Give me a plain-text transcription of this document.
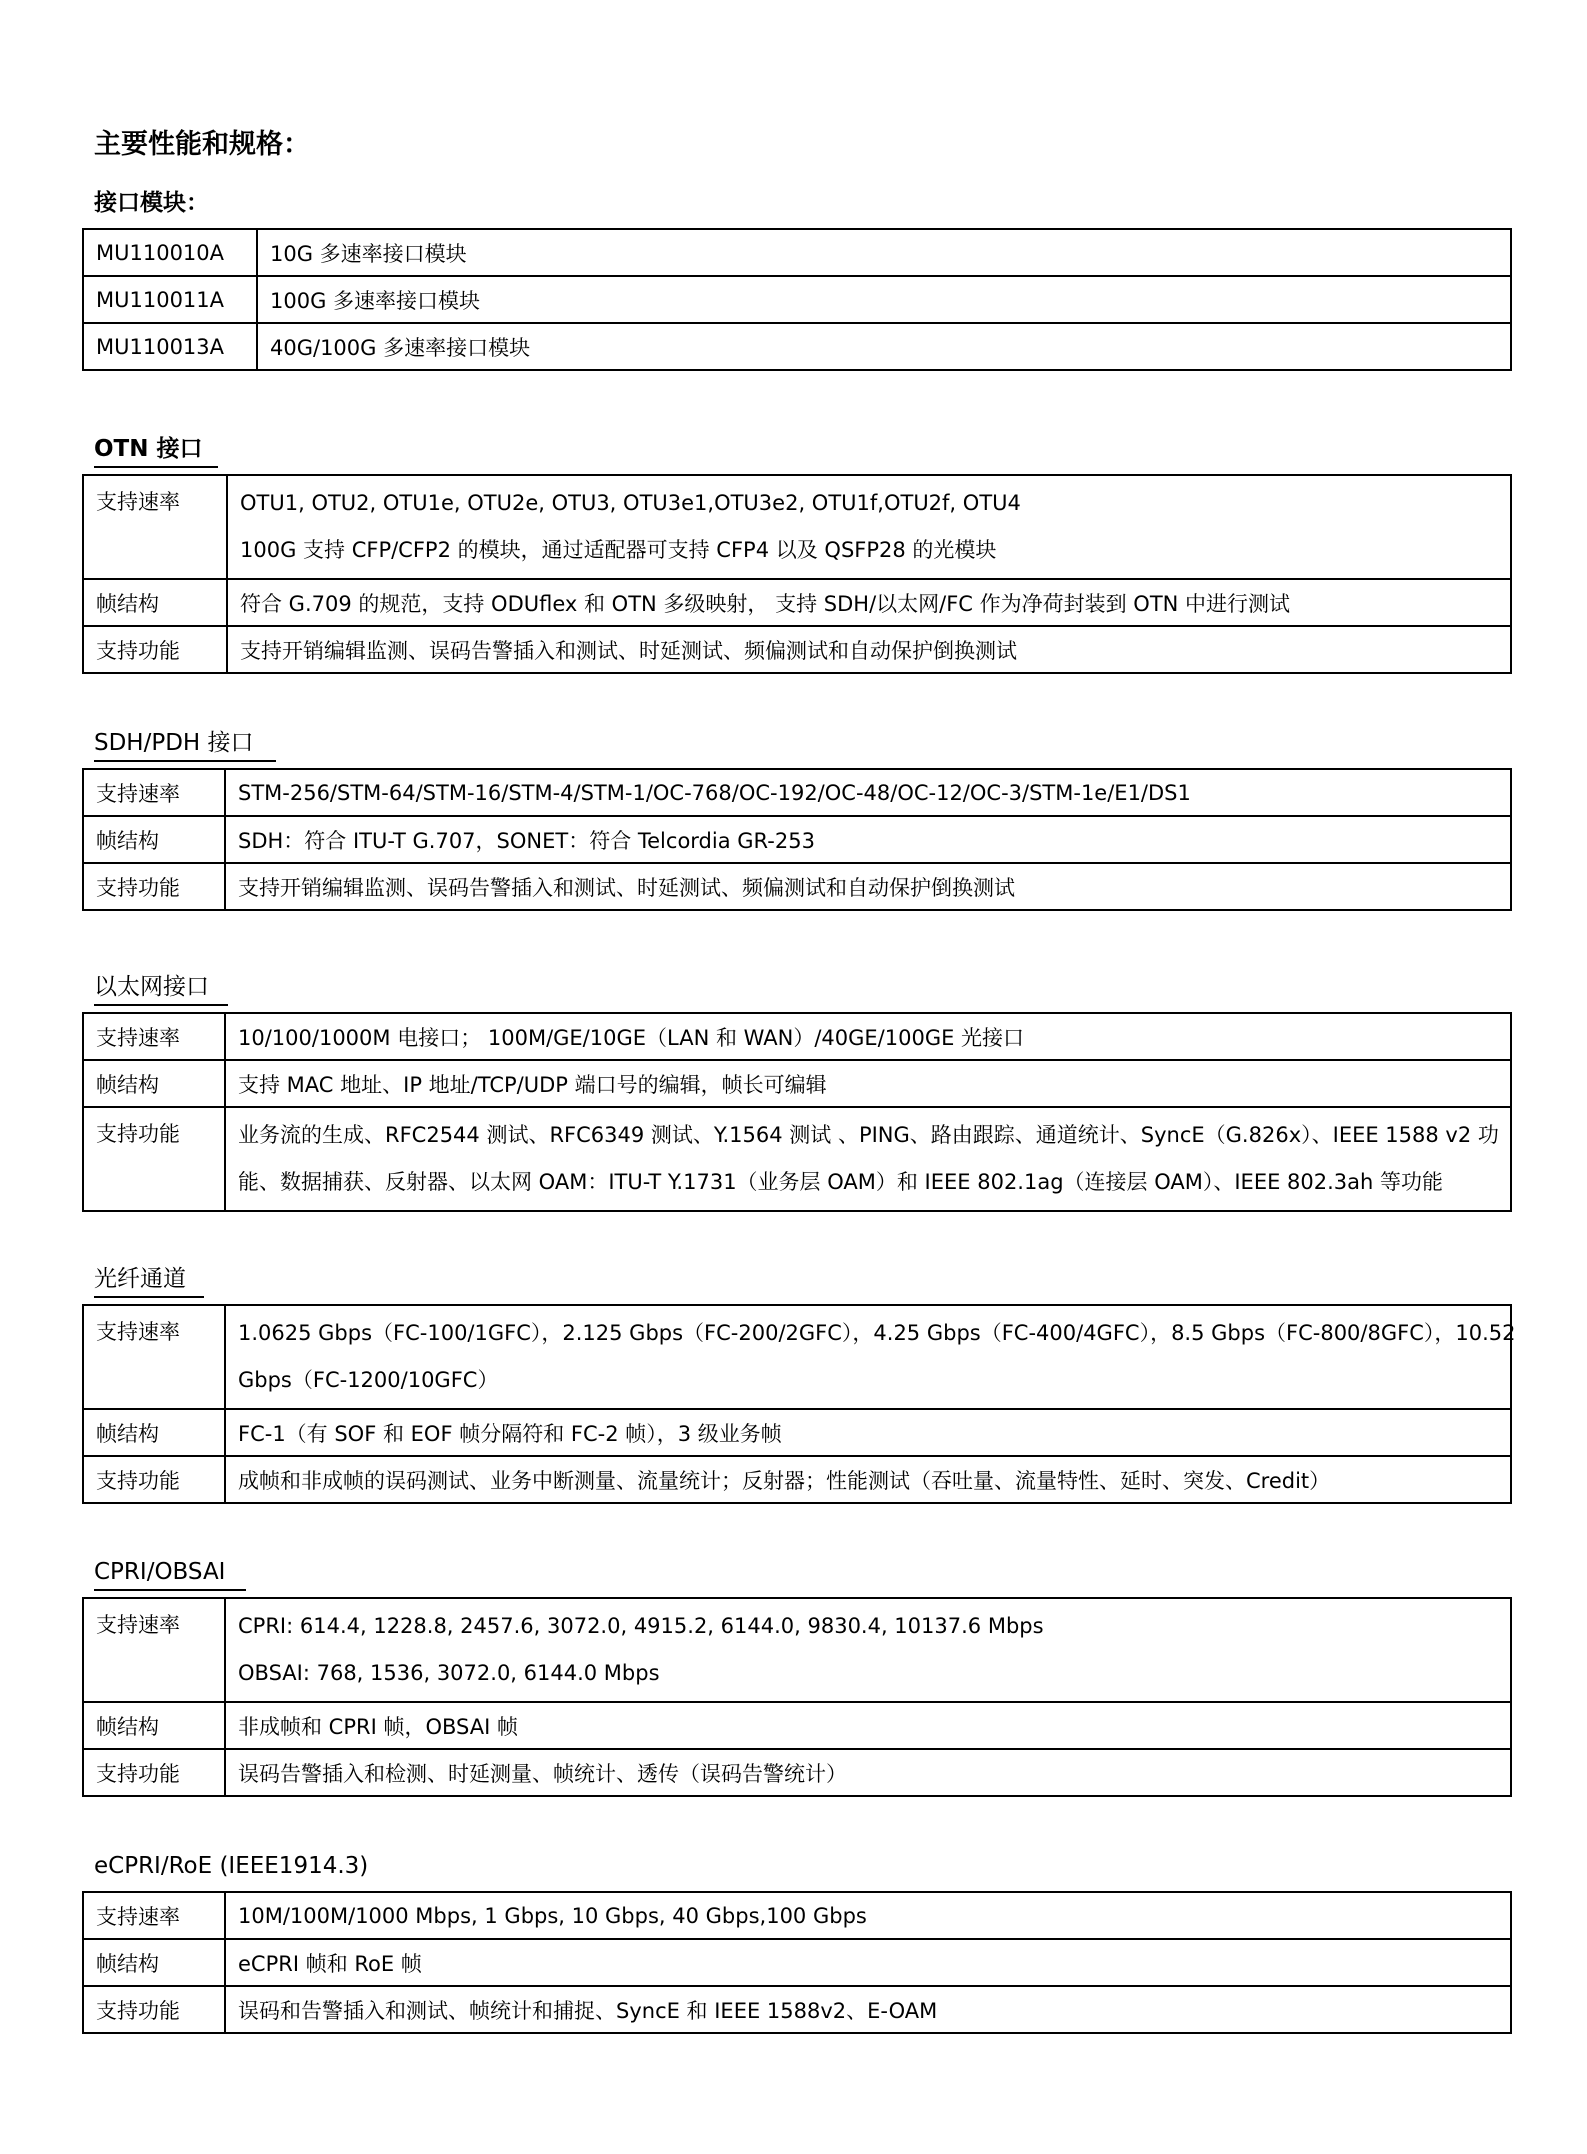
主要性能和规格：
接口模块：
MU110010A	10G 多速率接口模块
MU110011A	100G 多速率接口模块
MU110013A	40G/100G 多速率接口模块
OTN 接口
支持速率	OTU1, OTU2, OTU1e, OTU2e, OTU3, OTU3e1,OTU3e2, OTU1f,OTU2f, OTU4
100G 支持 CFP/CFP2 的模块，通过适配器可支持 CFP4 以及 QSFP28 的光模块

帧结构	符合 G.709 的规范，支持 ODUflex 和 OTN 多级映射， 支持 SDH/以太网/FC 作为净荷封装到 OTN 中进行测试
支持功能	支持开销编辑监测、误码告警插入和测试、时延测试、频偏测试和自动保护倒换测试
SDH/PDH 接口
支持速率	STM-256/STM-64/STM-16/STM-4/STM-1/OC-768/OC-192/OC-48/OC-12/OC-3/STM-1e/E1/DS1
帧结构	SDH：符合 ITU-T G.707，SONET：符合 Telcordia GR-253
支持功能	支持开销编辑监测、误码告警插入和测试、时延测试、频偏测试和自动保护倒换测试
以太网接口
支持速率	10/100/1000M 电接口； 100M/GE/10GE（LAN 和 WAN）/40GE/100GE 光接口
帧结构	支持 MAC 地址、IP 地址/TCP/UDP 端口号的编辑，帧长可编辑
支持功能	业务流的生成、RFC2544 测试、RFC6349 测试、Y.1564 测试 、PING、路由跟踪、通道统计、SyncE（G.826x）、IEEE 1588 v2 功
能、数据捕获、反射器、以太网 OAM：ITU-T Y.1731（业务层 OAM）和 IEEE 802.1ag（连接层 OAM）、IEEE 802.3ah 等功能
光纤通道
支持速率	1.0625 Gbps（FC-100/1GFC），2.125 Gbps（FC-200/2GFC），4.25 Gbps（FC-400/4GFC），8.5 Gbps（FC-800/8GFC），10.52
Gbps（FC-1200/10GFC）

帧结构	FC-1（有 SOF 和 EOF 帧分隔符和 FC-2 帧），3 级业务帧
支持功能	成帧和非成帧的误码测试、业务中断测量、流量统计；反射器；性能测试（吞吐量、流量特性、延时、突发、Credit）
CPRI/OBSAI
支持速率	CPRI: 614.4, 1228.8, 2457.6, 3072.0, 4915.2, 6144.0, 9830.4, 10137.6 Mbps
OBSAI: 768, 1536, 3072.0, 6144.0 Mbps

帧结构	非成帧和 CPRI 帧，OBSAI 帧
支持功能	误码告警插入和检测、时延测量、帧统计、透传（误码告警统计）
eCPRI/RoE (IEEE1914.3)
支持速率	10M/100M/1000 Mbps, 1 Gbps, 10 Gbps, 40 Gbps,100 Gbps
帧结构	eCPRI 帧和 RoE 帧
支持功能	误码和告警插入和测试、帧统计和捕捉、SyncE 和 IEEE 1588v2、E-OAM
